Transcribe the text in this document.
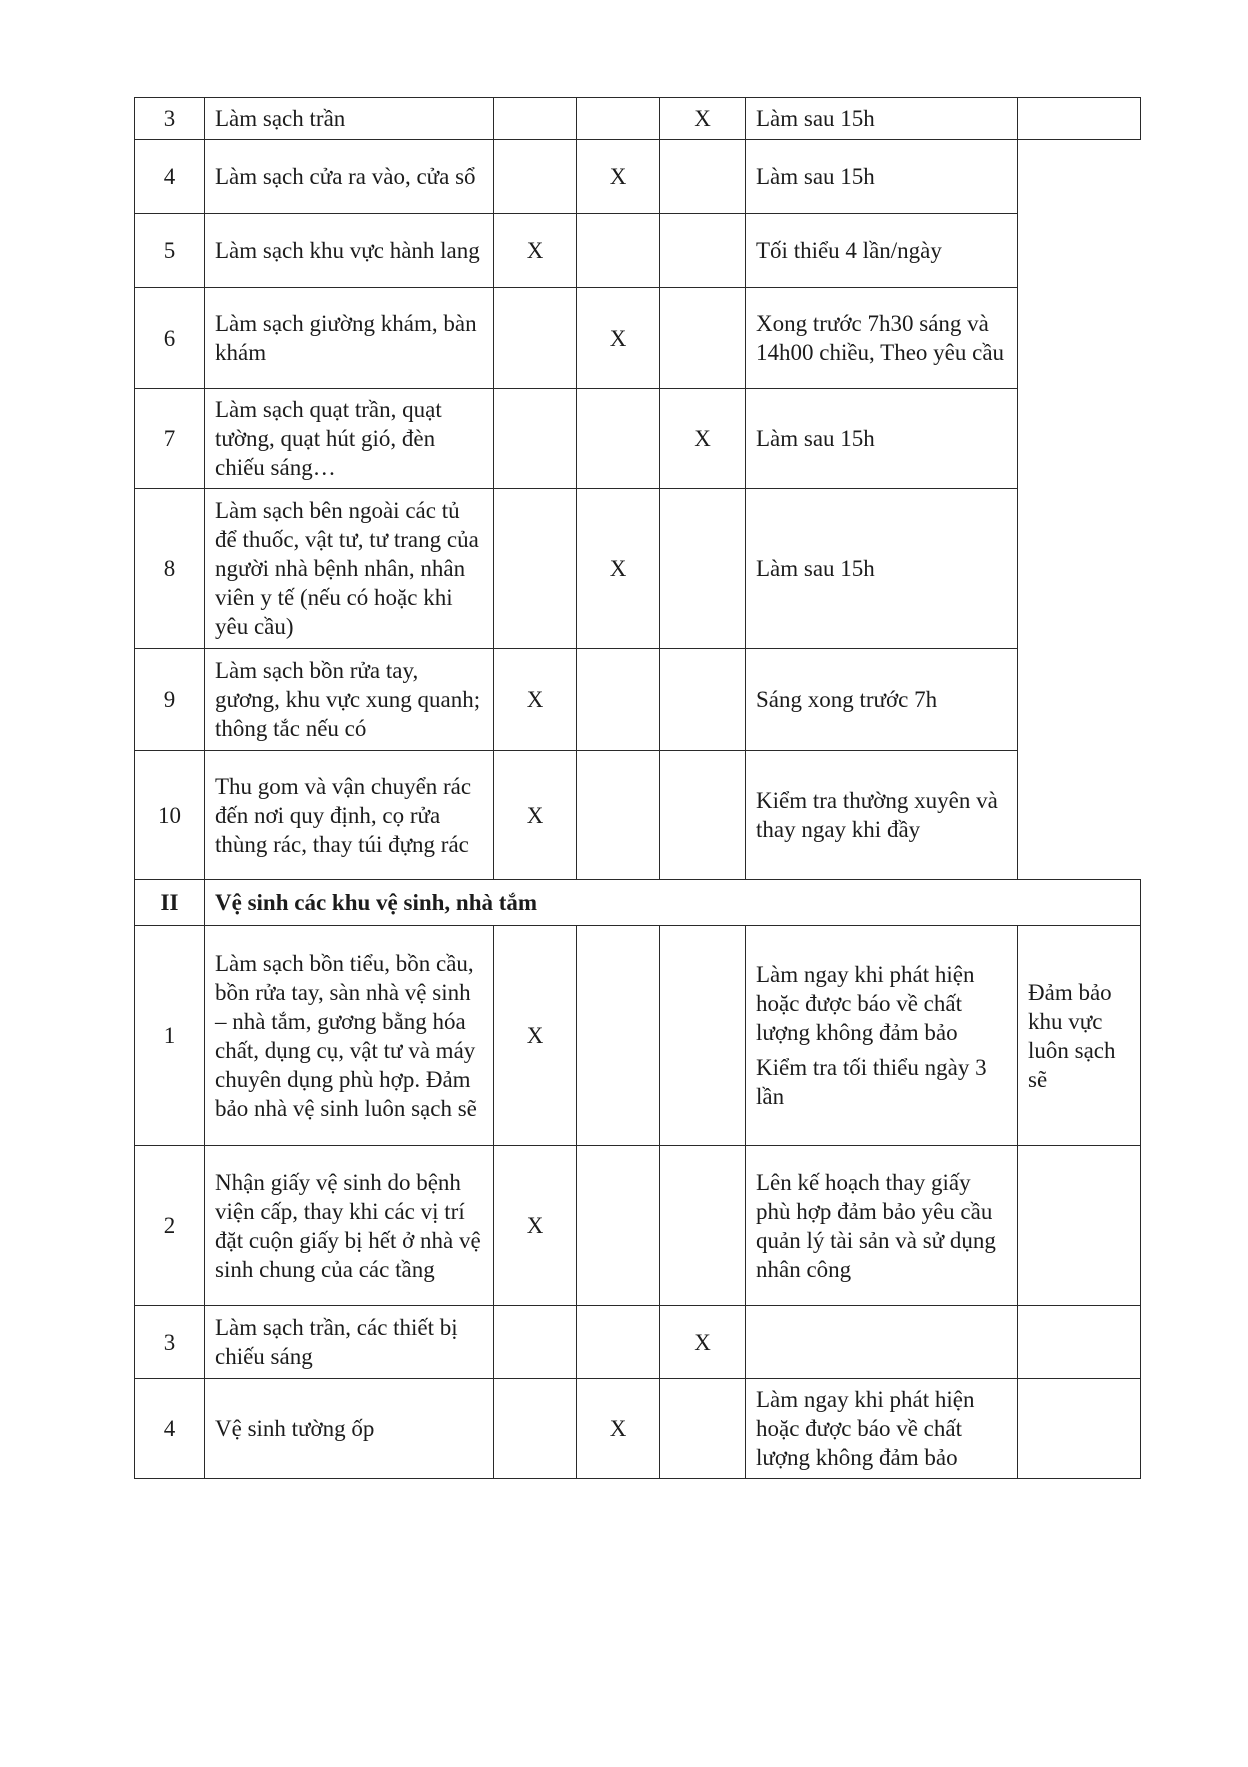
3	Làm sạch trần			X	Làm sau 15h	

4	Làm sạch cửa ra vào, cửa sổ		X		Làm sau 15h	

5	Làm sạch khu vực hành lang	X			Tối thiểu 4 lần/ngày	

6	Làm sạch giường khám, bàn khám		X		Xong trước 7h30 sáng và 14h00 chiều, Theo yêu cầu	

7	Làm sạch quạt trần, quạt tường, quạt hút gió, đèn chiếu sáng…			X	Làm sau 15h	

8	Làm sạch bên ngoài các tủ để thuốc, vật tư, tư trang của người nhà bệnh nhân, nhân viên y tế (nếu có hoặc khi yêu cầu)		X		Làm sau 15h	

9	Làm sạch bồn rửa tay, gương, khu vực xung quanh; thông tắc nếu có	X			Sáng xong trước 7h	

10	Thu gom và vận chuyển rác đến nơi quy định, cọ rửa thùng rác, thay túi đựng rác	X			Kiểm tra thường xuyên và thay ngay khi đầy	

II	Vệ sinh các khu vệ sinh, nhà tắm					
1	Làm sạch bồn tiểu, bồn cầu, bồn rửa tay, sàn nhà vệ sinh – nhà tắm, gương bằng hóa chất, dụng cụ, vật tư và máy chuyên dụng phù hợp. Đảm bảo nhà vệ sinh luôn sạch sẽ	X			Làm ngay khi phát hiện hoặc được báo về chất lượng không đảm bảo
Kiểm tra tối thiểu ngày 3 lần	Đảm bảo khu vực luôn sạch sẽ
2	Nhận giấy vệ sinh do bệnh viện cấp, thay khi các vị trí đặt cuộn giấy bị hết ở nhà vệ sinh chung của các tầng	X			Lên kế hoạch thay giấy phù hợp đảm bảo yêu cầu quản lý tài sản và sử dụng nhân công	

3	Làm sạch trần, các thiết bị chiếu sáng			X	

4	Vệ sinh tường ốp		X		Làm ngay khi phát hiện hoặc được báo về chất lượng không đảm bảo	
